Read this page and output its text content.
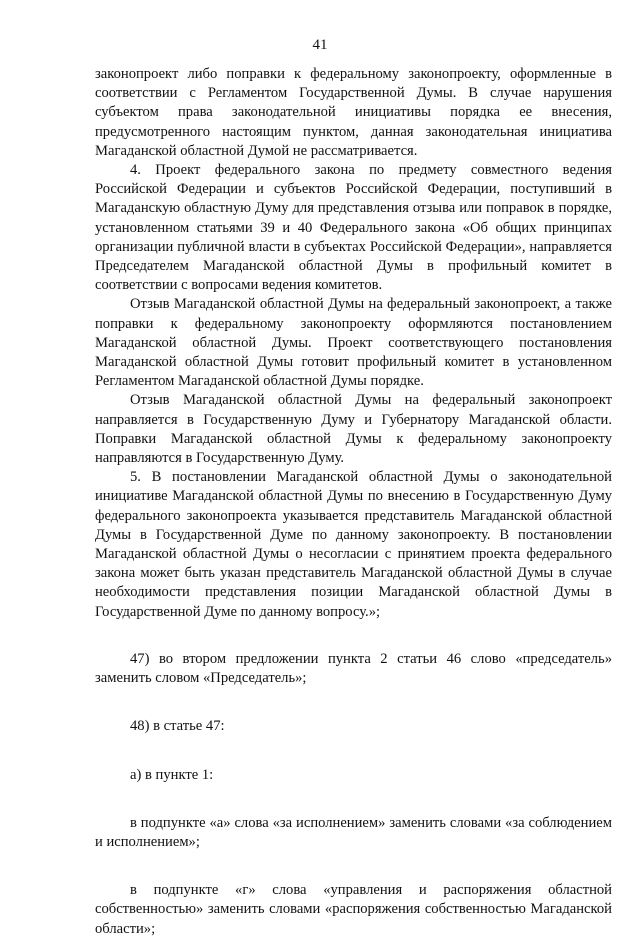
41

законопроект либо поправки к федеральному законопроекту, оформленные в соответствии с Регламентом Государственной Думы. В случае нарушения субъектом права законодательной инициативы порядка ее внесения, предусмотренного настоящим пунктом, данная законодательная инициатива Магаданской областной Думой не рассматривается.

4. Проект федерального закона по предмету совместного ведения Российской Федерации и субъектов Российской Федерации, поступивший в Магаданскую областную Думу для представления отзыва или поправок в порядке, установленном статьями 39 и 40 Федерального закона «Об общих принципах организации публичной власти в субъектах Российской Федерации», направляется Председателем Магаданской областной Думы в профильный комитет в соответствии с вопросами ведения комитетов.

Отзыв Магаданской областной Думы на федеральный законопроект, а также поправки к федеральному законопроекту оформляются постановлением Магаданской областной Думы. Проект соответствующего постановления Магаданской областной Думы готовит профильный комитет в установленном Регламентом Магаданской областной Думы порядке.

Отзыв Магаданской областной Думы на федеральный законопроект направляется в Государственную Думу и Губернатору Магаданской области. Поправки Магаданской областной Думы к федеральному законопроекту направляются в Государственную Думу.

5. В постановлении Магаданской областной Думы о законодательной инициативе Магаданской областной Думы по внесению в Государственную Думу федерального законопроекта указывается представитель Магаданской областной Думы в Государственной Думе по данному законопроекту. В постановлении Магаданской областной Думы о несогласии с принятием проекта федерального закона может быть указан представитель Магаданской областной Думы в случае необходимости представления позиции Магаданской областной Думы в Государственной Думе по данному вопросу.»;

47) во втором предложении пункта 2 статьи 46 слово «председатель» заменить словом «Председатель»;

48) в статье 47:

а) в пункте 1:

в подпункте «а» слова «за исполнением» заменить словами «за соблюдением и исполнением»;

в подпункте «г» слова «управления и распоряжения областной собственностью» заменить словами «распоряжения собственностью Магаданской области»;
